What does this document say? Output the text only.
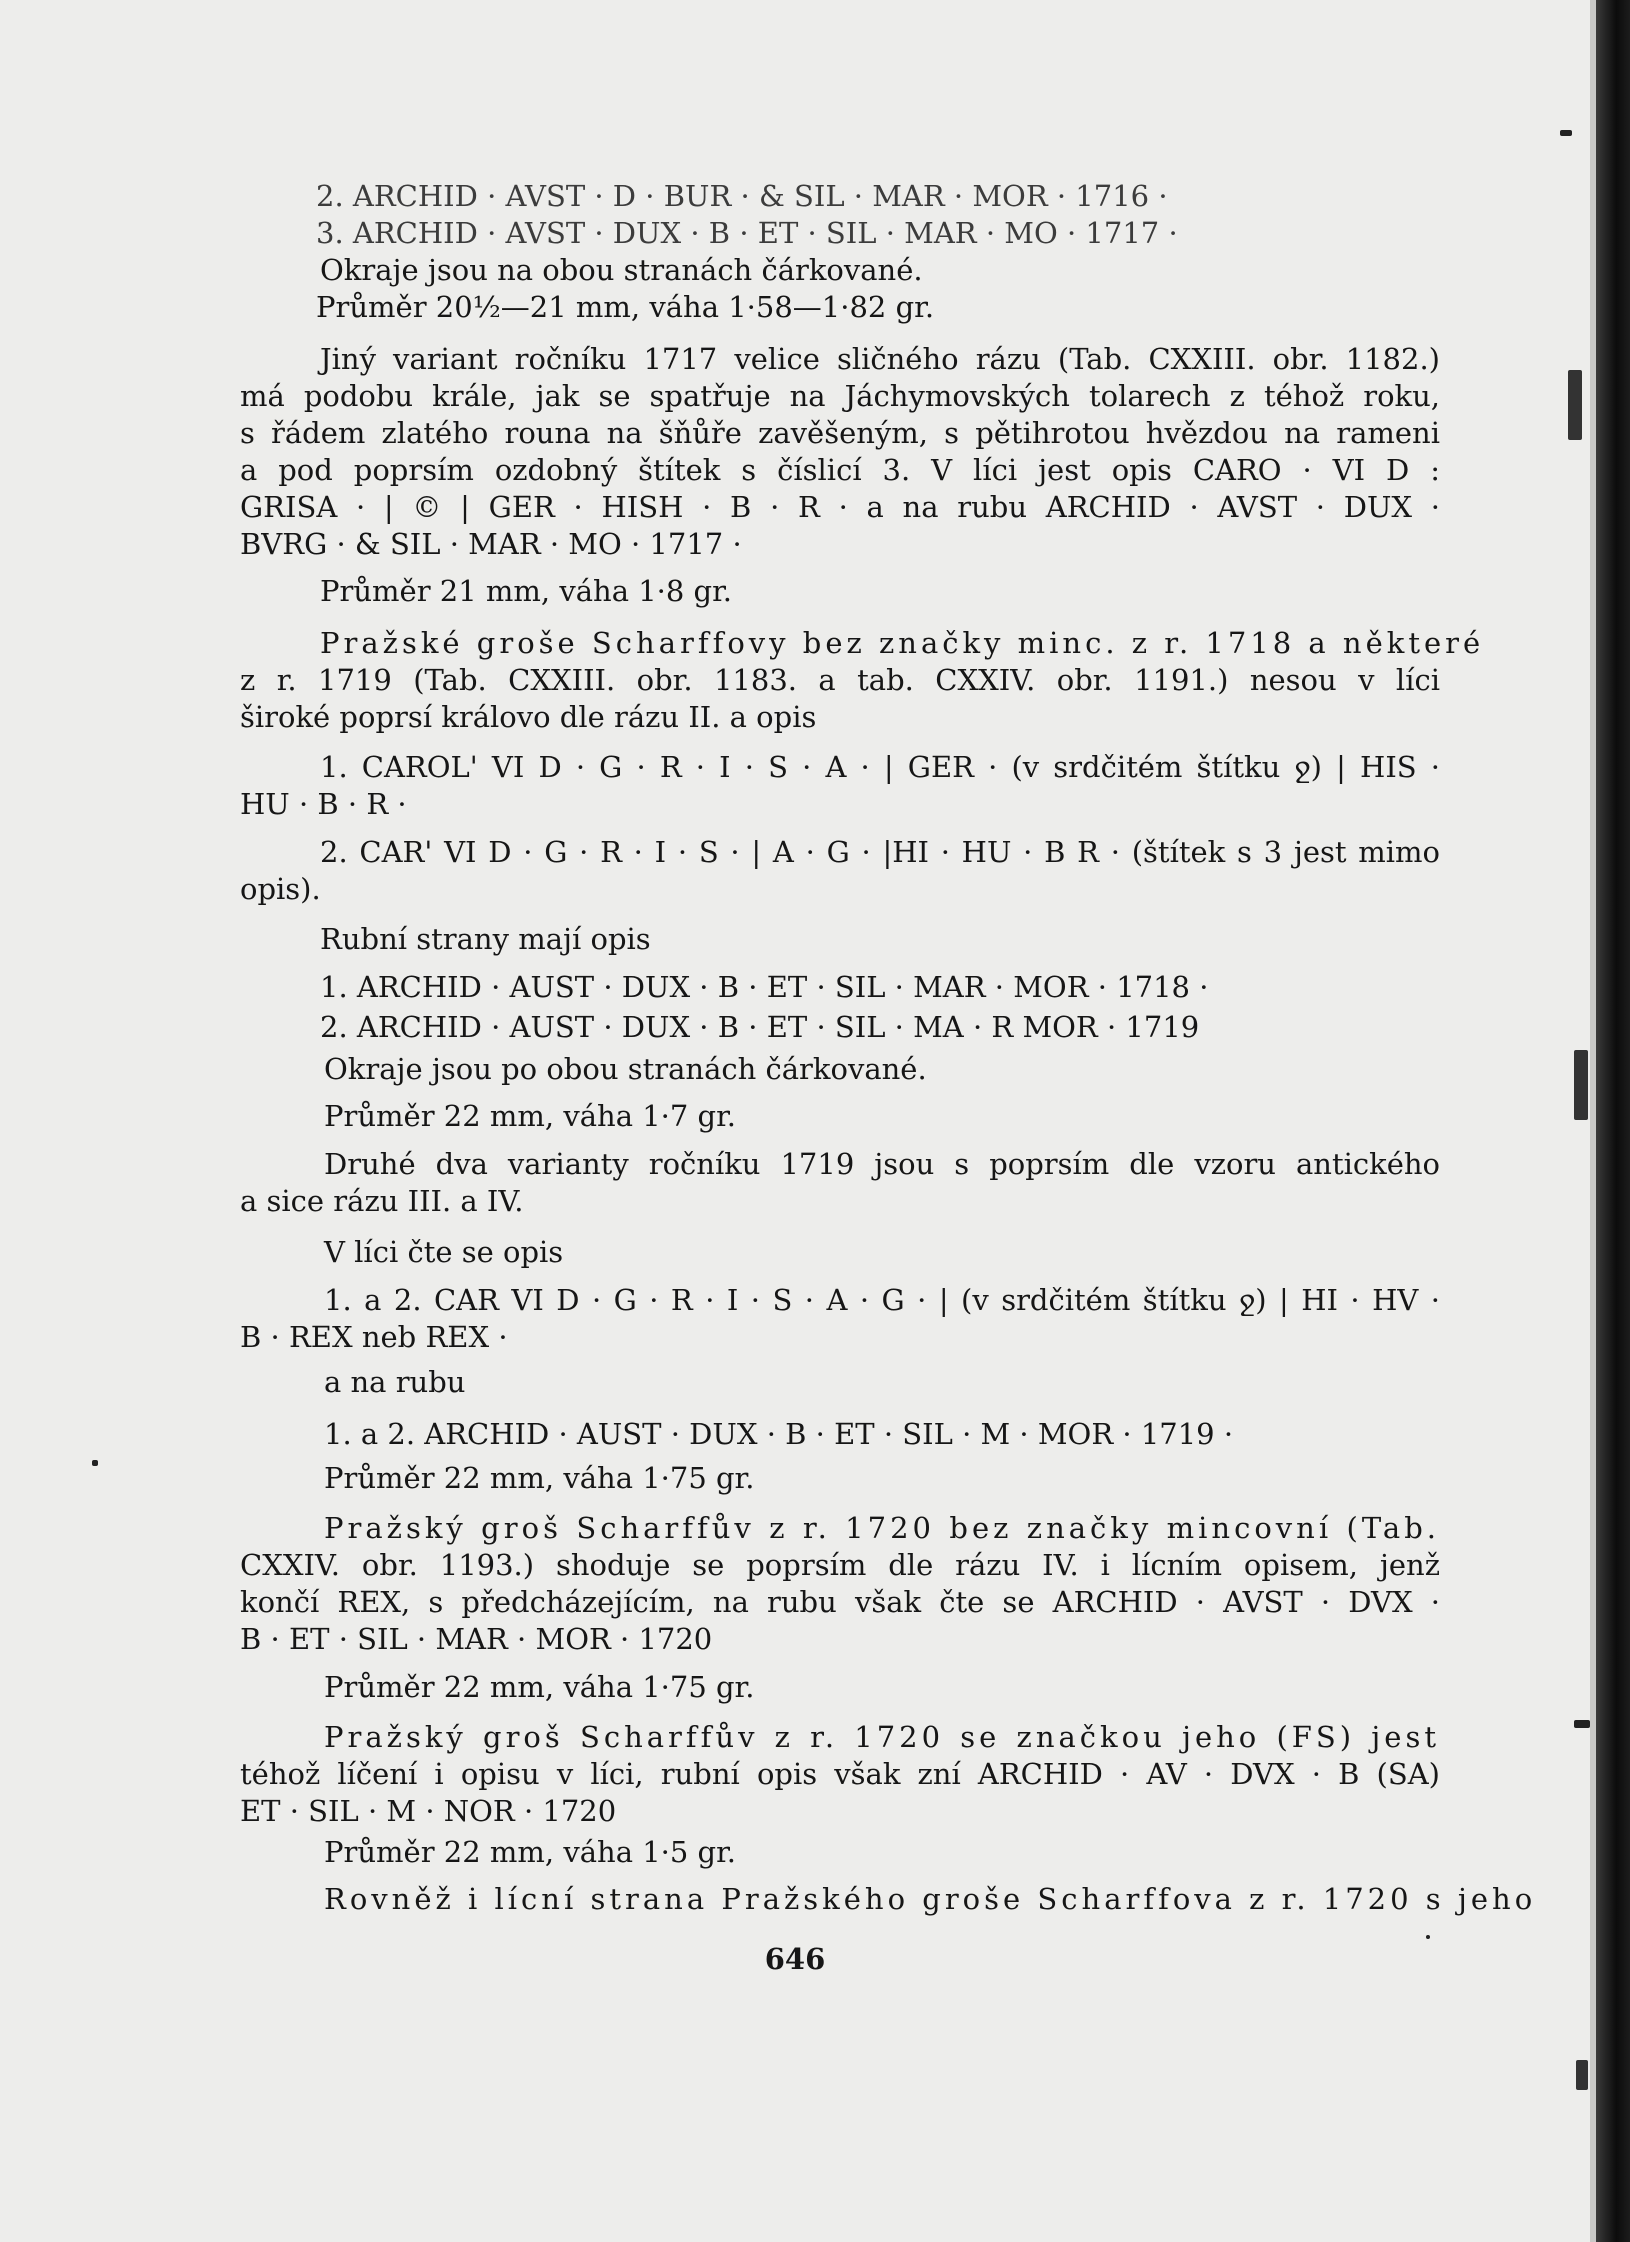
2. ARCHID · AVST · D · BUR · & SIL · MAR · MOR · 1716 ·
3. ARCHID · AVST · DUX · B · ET · SIL · MAR · MO · 1717 ·
Okraje jsou na obou stranách čárkované.
Průměr 20½—21 mm, váha 1·58—1·82 gr.
Jiný variant ročníku 1717 velice sličného rázu (Tab. CXXIII. obr. 1182.)
má podobu krále, jak se spatřuje na Jáchymovských tolarech z téhož roku,
s řádem zlatého rouna na šňůře zavěšeným, s pětihrotou hvězdou na rameni
a pod poprsím ozdobný štítek s číslicí 3. V líci jest opis CARO · VI D :
GRISA · | © | GER · HISH · B · R · a na rubu ARCHID · AVST · DUX ·
BVRG · & SIL · MAR · MO · 1717 ·
Průměr 21 mm, váha 1·8 gr.
Pražské groše Scharffovy bez značky minc. z r. 1718 a některé
z r. 1719 (Tab. CXXIII. obr. 1183. a tab. CXXIV. obr. 1191.) nesou v líci
široké poprsí královo dle rázu II. a opis
1. CAROL' VI D · G · R · I · S · A · | GER · (v srdčitém štítku ջ) | HIS ·
HU · B · R ·
2. CAR' VI D · G · R · I · S · | A · G · |HI · HU · B R · (štítek s 3 jest mimo
opis).
Rubní strany mají opis
1. ARCHID · AUST · DUX · B · ET · SIL · MAR · MOR · 1718 ·
2. ARCHID · AUST · DUX · B · ET · SIL · MA · R MOR · 1719
Okraje jsou po obou stranách čárkované.
Průměr 22 mm, váha 1·7 gr.
Druhé dva varianty ročníku 1719 jsou s poprsím dle vzoru antického
a sice rázu III. a IV.
V líci čte se opis
1. a 2. CAR VI D · G · R · I · S · A · G · | (v srdčitém štítku ջ) | HI · HV ·
B · REX neb REX ·
a na rubu
1. a 2. ARCHID · AUST · DUX · B · ET · SIL · M · MOR · 1719 ·
Průměr 22 mm, váha 1·75 gr.
Pražský groš Scharffův z r. 1720 bez značky mincovní (Tab.
CXXIV. obr. 1193.) shoduje se poprsím dle rázu IV. i lícním opisem, jenž
končí REX, s předcházejícím, na rubu však čte se ARCHID · AVST · DVX ·
B · ET · SIL · MAR · MOR · 1720
Průměr 22 mm, váha 1·75 gr.
Pražský groš Scharffův z r. 1720 se značkou jeho (FS) jest
téhož líčení i opisu v líci, rubní opis však zní ARCHID · AV · DVX · B (SA)
ET · SIL · M · NOR · 1720
Průměr 22 mm, váha 1·5 gr.
Rovněž i lícní strana Pražského groše Scharffova z r. 1720 s jeho
646
